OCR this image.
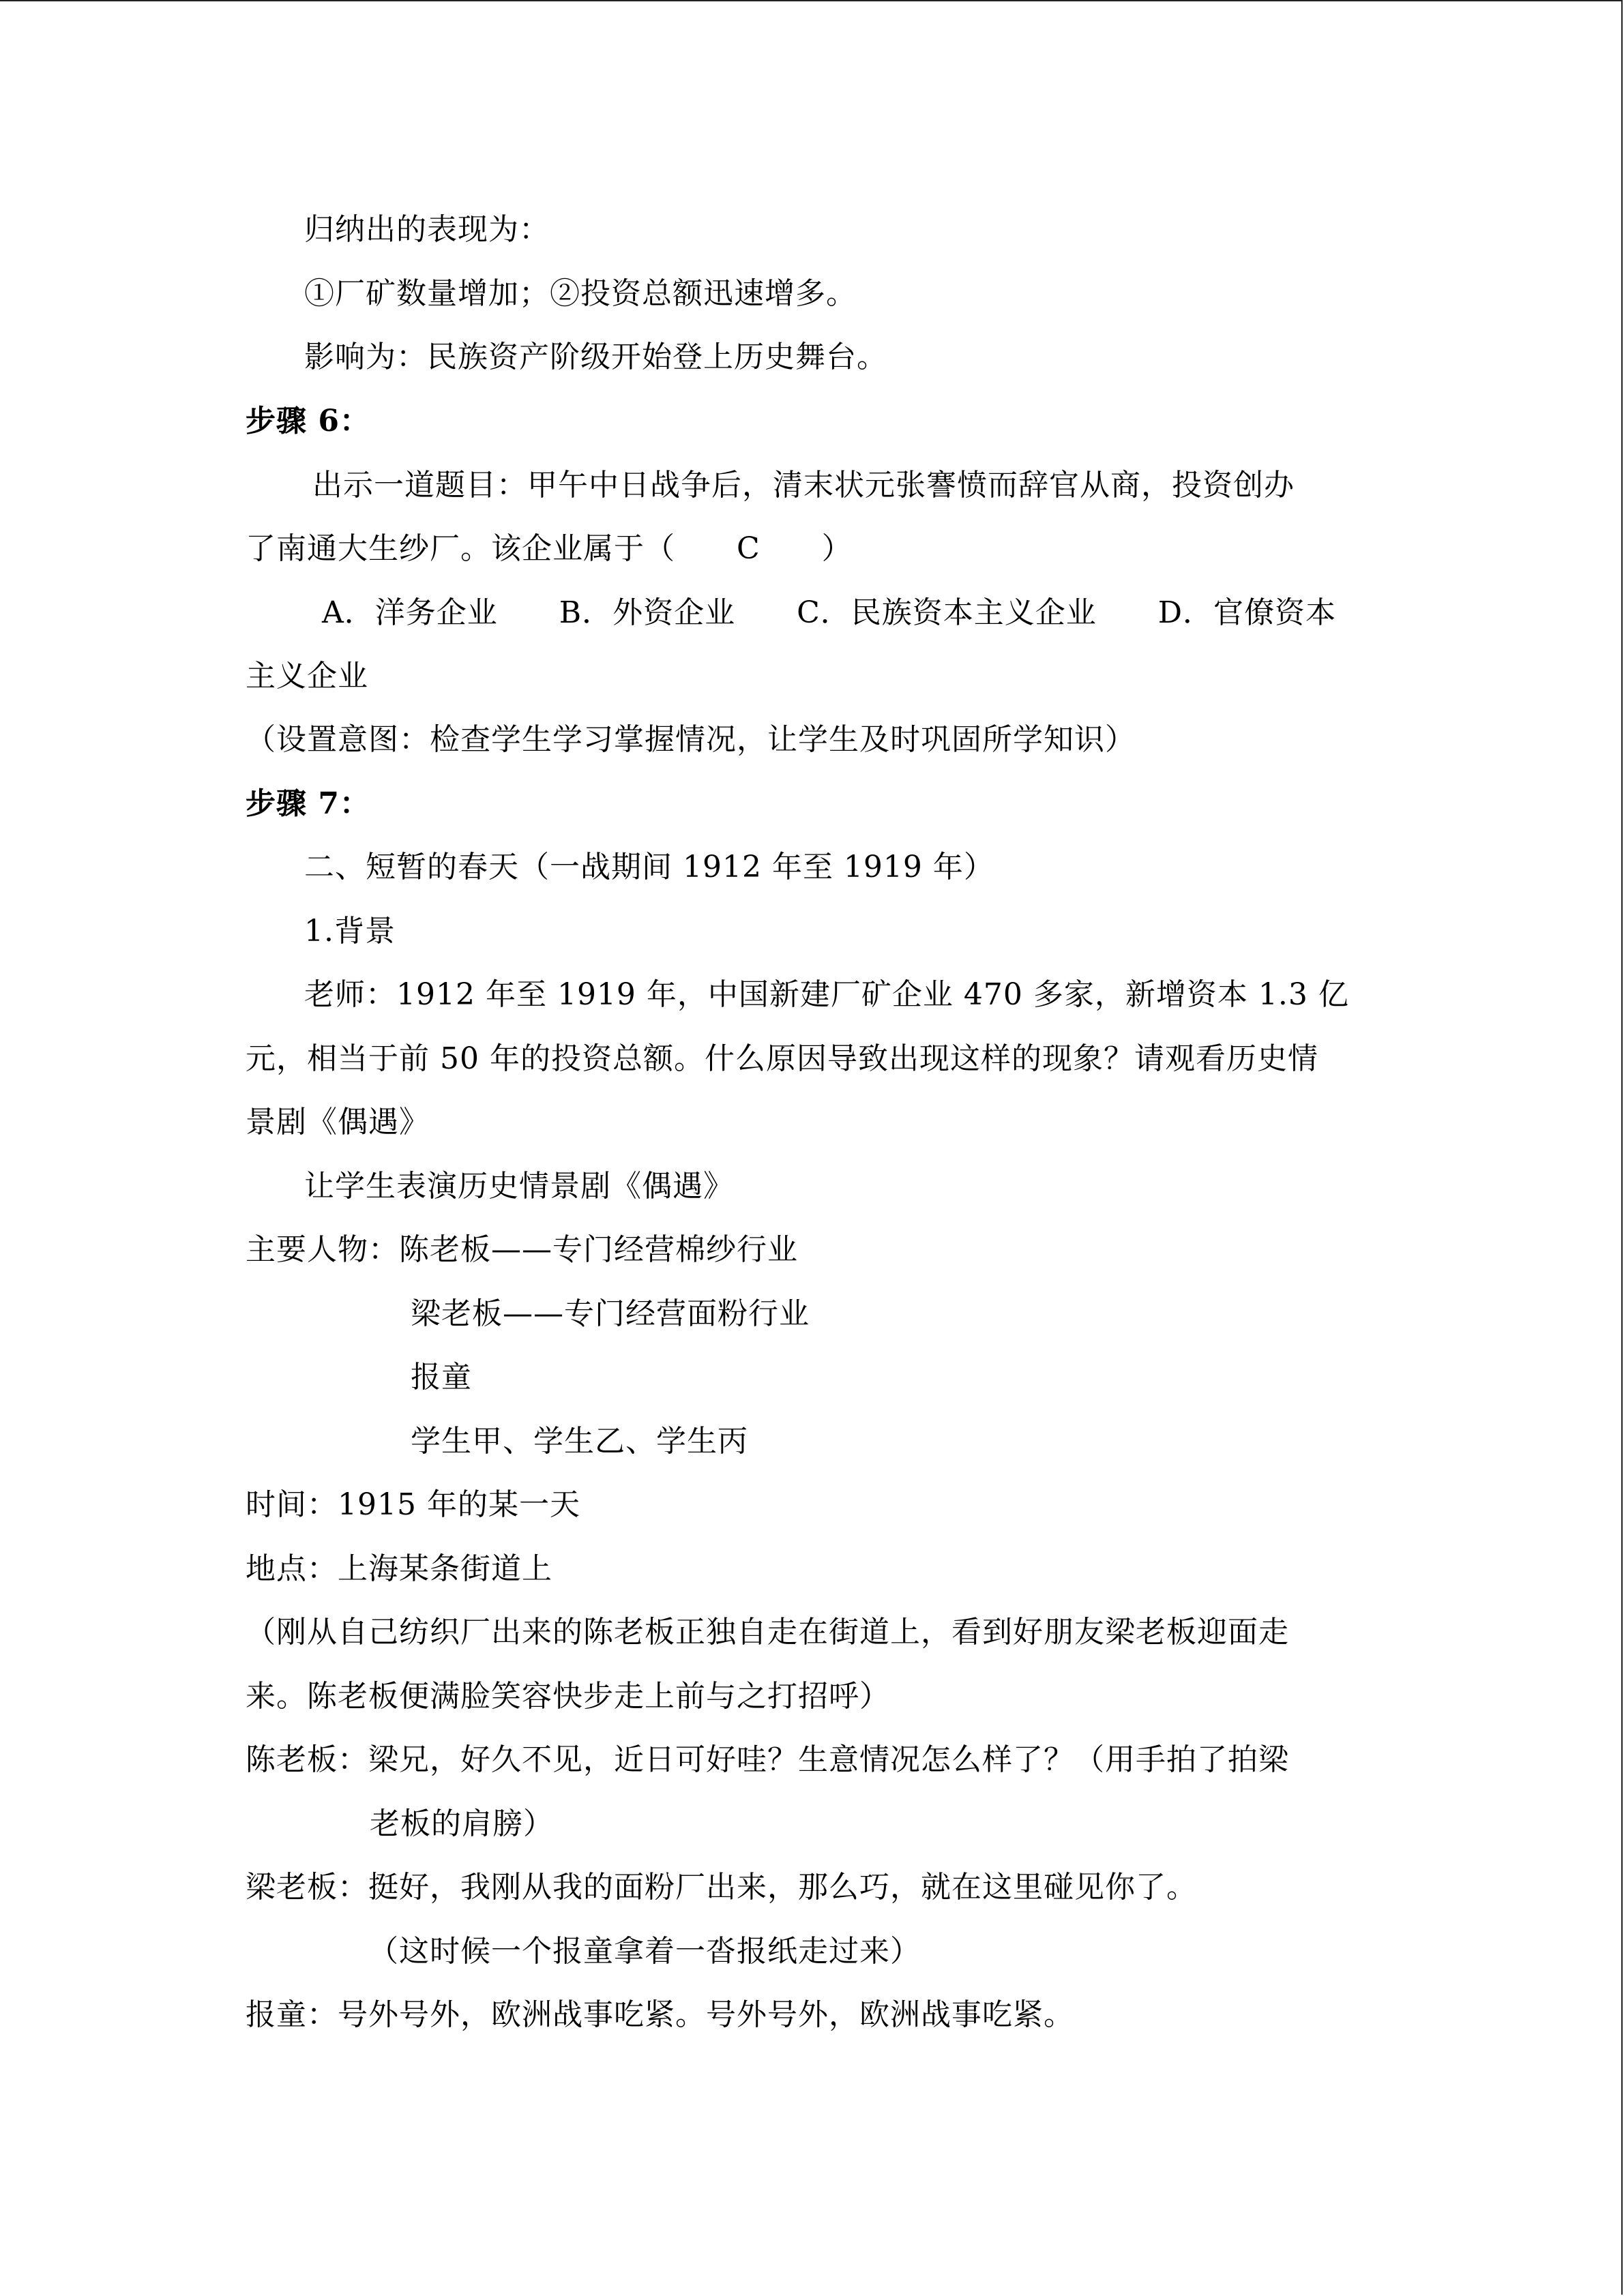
归纳出的表现为：
①厂矿数量增加；②投资总额迅速增多。
影响为：民族资产阶级开始登上历史舞台。
步骤 6：
出示一道题目：甲午中日战争后，清末状元张謇愤而辞官从商，投资创办
了南通大生纱厂。该企业属于（　　C　　）
A．洋务企业　　B．外资企业　　C．民族资本主义企业　　D．官僚资本
主义企业
（设置意图：检查学生学习掌握情况，让学生及时巩固所学知识）
步骤 7：
二、短暂的春天（一战期间 1912 年至 1919 年）
1.背景
老师：1912 年至 1919 年，中国新建厂矿企业 470 多家，新增资本 1.3 亿
元，相当于前 50 年的投资总额。什么原因导致出现这样的现象？请观看历史情
景剧《偶遇》
让学生表演历史情景剧《偶遇》
主要人物：陈老板——专门经营棉纱行业
梁老板——专门经营面粉行业
报童
学生甲、学生乙、学生丙
时间：1915 年的某一天
地点：上海某条街道上
（刚从自己纺织厂出来的陈老板正独自走在街道上，看到好朋友梁老板迎面走
来。陈老板便满脸笑容快步走上前与之打招呼）
陈老板：梁兄，好久不见，近日可好哇？生意情况怎么样了？（用手拍了拍梁
老板的肩膀）
梁老板：挺好，我刚从我的面粉厂出来，那么巧，就在这里碰见你了。
（这时候一个报童拿着一沓报纸走过来）
报童：号外号外，欧洲战事吃紧。号外号外，欧洲战事吃紧。
